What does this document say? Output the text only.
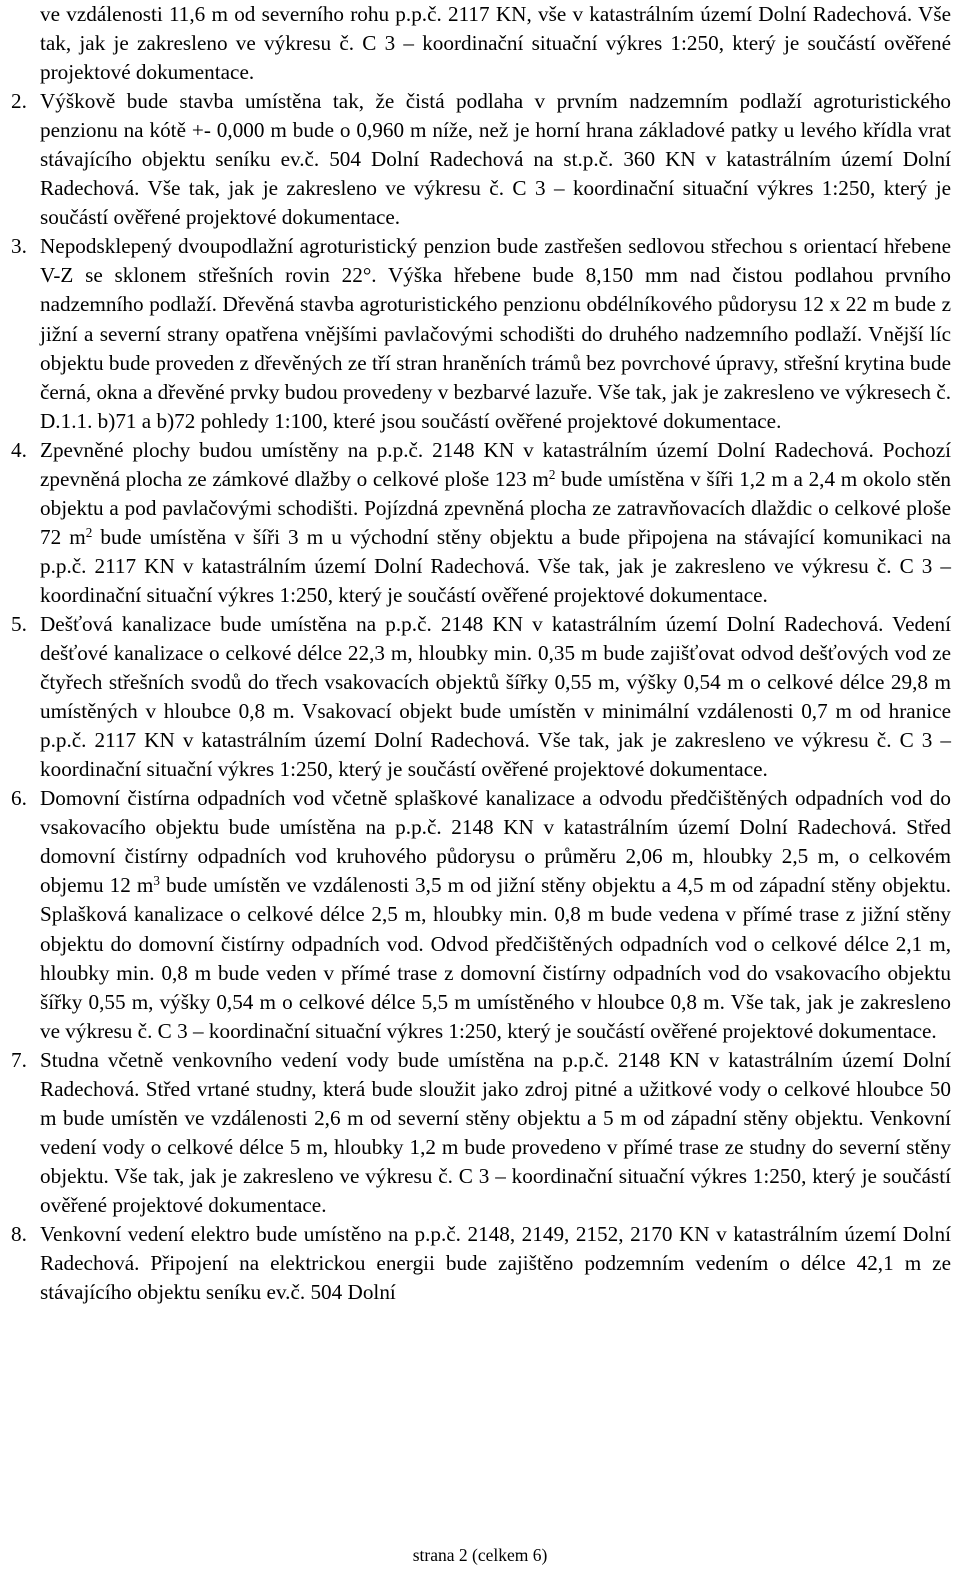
ve vzdálenosti 11,6 m od severního rohu p.p.č. 2117 KN, vše v katastrálním území Dolní Radechová. Vše tak, jak je zakresleno ve výkresu č. C 3 – koordinační situační výkres 1:250, který je součástí ověřené projektové dokumentace.
2. Výškově bude stavba umístěna tak, že čistá podlaha v prvním nadzemním podlaží agroturistického penzionu na kótě +- 0,000 m bude o 0,960 m níže, než je horní hrana základové patky u levého křídla vrat stávajícího objektu seníku ev.č. 504 Dolní Radechová na st.p.č. 360 KN v katastrálním území Dolní Radechová. Vše tak, jak je zakresleno ve výkresu č. C 3 – koordinační situační výkres 1:250, který je součástí ověřené projektové dokumentace.
3. Nepodsklepený dvoupodlažní agroturistický penzion bude zastřešen sedlovou střechou s orientací hřebene V-Z se sklonem střešních rovin 22°. Výška hřebene bude 8,150 mm nad čistou podlahou prvního nadzemního podlaží. Dřevěná stavba agroturistického penzionu obdélníkového půdorysu 12 x 22 m bude z jižní a severní strany opatřena vnějšími pavlačovými schodišti do druhého nadzemního podlaží. Vnější líc objektu bude proveden z dřevěných ze tří stran hraněních trámů bez povrchové úpravy, střešní krytina bude černá, okna a dřevěné prvky budou provedeny v bezbarvé lazuře. Vše tak, jak je zakresleno ve výkresech č. D.1.1. b)71 a b)72 pohledy 1:100, které jsou součástí ověřené projektové dokumentace.
4. Zpevněné plochy budou umístěny na p.p.č. 2148 KN v katastrálním území Dolní Radechová. Pochozí zpevněná plocha ze zámkové dlažby o celkové ploše 123 $m^2$ bude umístěna v šíři 1,2 m a 2,4 m okolo stěn objektu a pod pavlačovými schodišti. Pojízdná zpevněná plocha ze zatravňovacích dlaždic o celkové ploše 72 $m^2$ bude umístěna v šíři 3 m u východní stěny objektu a bude připojena na stávající komunikaci na p.p.č. 2117 KN v katastrálním území Dolní Radechová. Vše tak, jak je zakresleno ve výkresu č. C 3 – koordinační situační výkres 1:250, který je součástí ověřené projektové dokumentace.
5. Dešťová kanalizace bude umístěna na p.p.č. 2148 KN v katastrálním území Dolní Radechová. Vedení dešťové kanalizace o celkové délce 22,3 m, hloubky min. 0,35 m bude zajišťovat odvod dešťových vod ze čtyřech střešních svodů do třech vsakovacích objektů šířky 0,55 m, výšky 0,54 m o celkové délce 29,8 m umístěných v hloubce 0,8 m. Vsakovací objekt bude umístěn v minimální vzdálenosti 0,7 m od hranice p.p.č. 2117 KN v katastrálním území Dolní Radechová. Vše tak, jak je zakresleno ve výkresu č. C 3 – koordinační situační výkres 1:250, který je součástí ověřené projektové dokumentace.
6. Domovní čistírna odpadních vod včetně splaškové kanalizace a odvodu předčištěných odpadních vod do vsakovacího objektu bude umístěna na p.p.č. 2148 KN v katastrálním území Dolní Radechová. Střed domovní čistírny odpadních vod kruhového půdorysu o průměru 2,06 m, hloubky 2,5 m, o celkovém objemu 12 $m^3$ bude umístěn ve vzdálenosti 3,5 m od jižní stěny objektu a 4,5 m od západní stěny objektu. Splašková kanalizace o celkové délce 2,5 m, hloubky min. 0,8 m bude vedena v přímé trase z jižní stěny objektu do domovní čistírny odpadních vod. Odvod předčištěných odpadních vod o celkové délce 2,1 m, hloubky min. 0,8 m bude veden v přímé trase z domovní čistírny odpadních vod do vsakovacího objektu šířky 0,55 m, výšky 0,54 m o celkové délce 5,5 m umístěného v hloubce 0,8 m. Vše tak, jak je zakresleno ve výkresu č. C 3 – koordinační situační výkres 1:250, který je součástí ověřené projektové dokumentace.
7. Studna včetně venkovního vedení vody bude umístěna na p.p.č. 2148 KN v katastrálním území Dolní Radechová. Střed vrtané studny, která bude sloužit jako zdroj pitné a užitkové vody o celkové hloubce 50 m bude umístěn ve vzdálenosti 2,6 m od severní stěny objektu a 5 m od západní stěny objektu. Venkovní vedení vody o celkové délce 5 m, hloubky 1,2 m bude provedeno v přímé trase ze studny do severní stěny objektu. Vše tak, jak je zakresleno ve výkresu č. C 3 – koordinační situační výkres 1:250, který je součástí ověřené projektové dokumentace.
8. Venkovní vedení elektro bude umístěno na p.p.č. 2148, 2149, 2152, 2170 KN v katastrálním území Dolní Radechová. Připojení na elektrickou energii bude zajištěno podzemním vedením o délce 42,1 m ze stávajícího objektu seníku ev.č. 504 Dolní
strana 2 (celkem 6)
